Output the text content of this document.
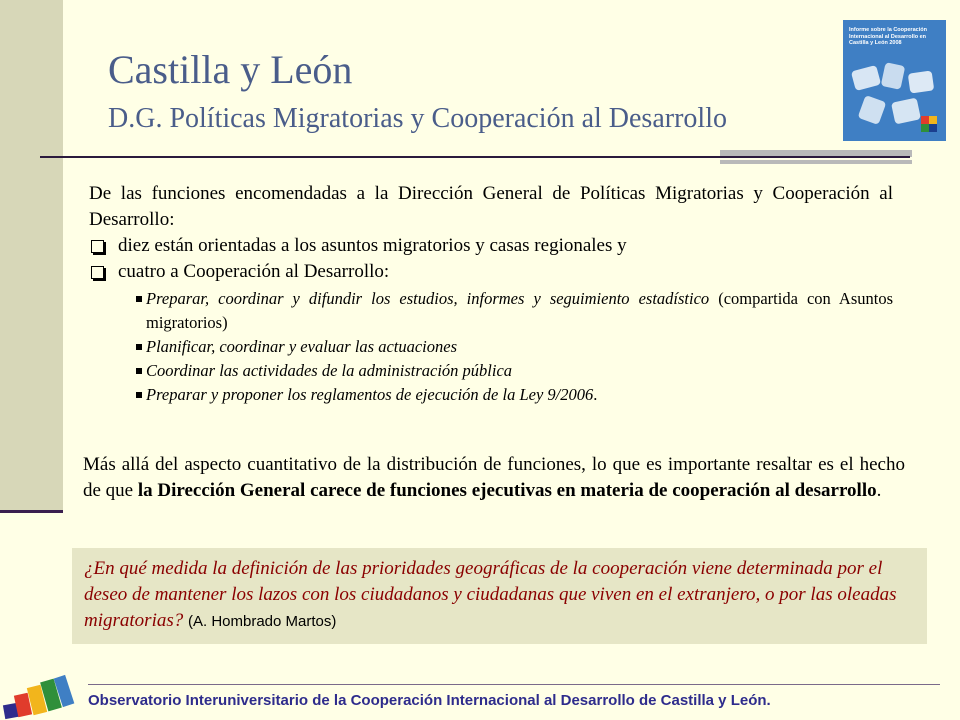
Castilla y León
D.G. Políticas Migratorias y Cooperación al Desarrollo
Informe sobre la Cooperación Internacional al Desarrollo en Castilla y León 2008

De las funciones encomendadas a la Dirección General de Políticas Migratorias y Cooperación al Desarrollo:

diez están orientadas a los asuntos migratorios y casas regionales y

cuatro a Cooperación al Desarrollo:

Preparar, coordinar y difundir los estudios, informes y seguimiento estadístico (compartida con Asuntos migratorios)
Planificar, coordinar y evaluar las actuaciones
Coordinar las actividades de la administración pública
Preparar y proponer los reglamentos de ejecución de la Ley 9/2006.
Más allá del aspecto cuantitativo de la distribución de funciones, lo que es importante resaltar es el hecho de que la Dirección General carece de funciones ejecutivas en materia de cooperación al desarrollo.
¿En qué medida la definición de las prioridades geográficas de la cooperación viene determinada por el deseo de mantener los lazos con los ciudadanos y ciudadanas que viven en el extranjero, o por las oleadas migratorias? (A. Hombrado Martos)
Observatorio Interuniversitario de la Cooperación Internacional al Desarrollo de Castilla y León.
